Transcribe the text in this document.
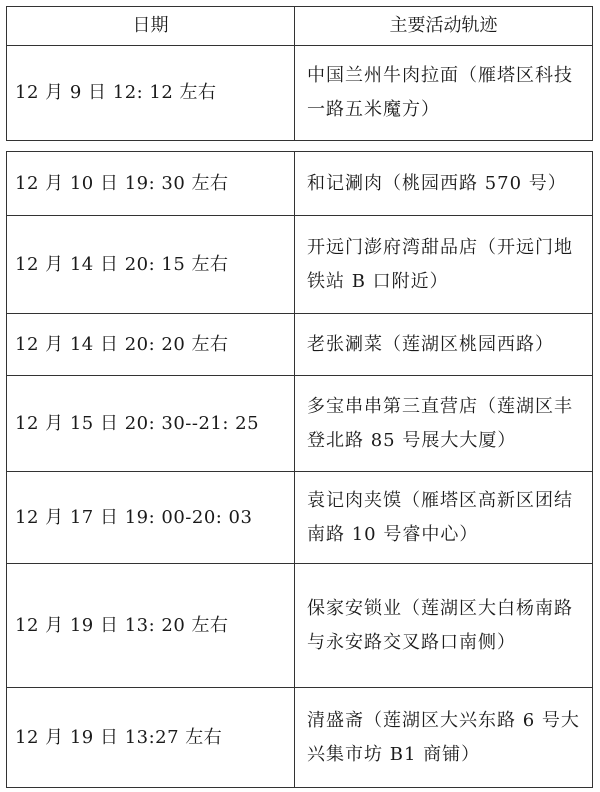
日期	主要活动轨迹
12 月 9 日 12: 12 左右	中国兰州牛肉拉面（雁塔区科技一路五米魔方）
12 月 10 日 19: 30 左右	和记涮肉（桃园西路 570 号）
12 月 14 日 20: 15 左右	开远门澎府湾甜品店（开远门地铁站 B 口附近）
12 月 14 日 20: 20 左右	老张涮菜（莲湖区桃园西路）
12 月 15 日 20: 30--21: 25	多宝串串第三直营店（莲湖区丰登北路 85 号展大大厦）
12 月 17 日 19: 00-20: 03	袁记肉夹馍（雁塔区高新区团结南路 10 号睿中心）
12 月 19 日 13: 20 左右	保家安锁业（莲湖区大白杨南路与永安路交叉路口南侧）
12 月 19 日 13:27 左右	清盛斋（莲湖区大兴东路 6 号大兴集市坊 B1 商铺）
